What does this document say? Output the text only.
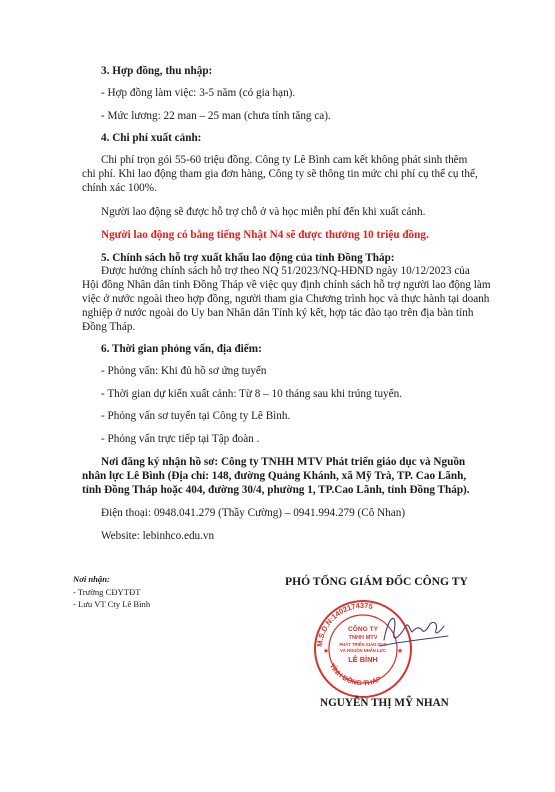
3. Hợp đồng, thu nhập:
- Hợp đồng làm việc: 3-5 năm (có gia hạn).
- Mức lương: 22 man – 25 man (chưa tính tăng ca).
4. Chi phí xuất cảnh:
Chi phí trọn gói 55-60 triệu đồng. Công ty Lê Bình cam kết không phát sinh thêm
chi phí. Khi lao động tham gia đơn hàng, Công ty sẽ thông tin mức chi phí cụ thể cụ thể,
chính xác 100%.
Người lao động sẽ được hỗ trợ chỗ ở và học miễn phí đến khi xuất cảnh.
Người lao động có bằng tiếng Nhật N4 sẽ được thưởng 10 triệu đồng.
5. Chính sách hỗ trợ xuất khẩu lao động của tỉnh Đồng Tháp:
Được hưởng chính sách hỗ trợ theo NQ 51/2023/NQ-HĐND ngày 10/12/2023 của
Hội đồng Nhân dân tỉnh Đồng Tháp về việc quy định chính sách hỗ trợ người lao động làm
việc ở nước ngoài theo hợp đồng, người tham gia Chương trình học và thực hành tại doanh
nghiệp ở nước ngoài do Uy ban Nhân dân Tỉnh ký kết, hợp tác đào tạo trên địa bàn tỉnh
Đồng Tháp.
6. Thời gian phỏng vấn, địa điểm:
- Phỏng vấn: Khi đủ hồ sơ ứng tuyển
- Thời gian dự kiến xuất cảnh: Từ 8 – 10 tháng sau khi trúng tuyển.
- Phỏng vấn sơ tuyển tại Công ty Lê Bình.
- Phỏng vấn trực tiếp tại Tập đoàn .
Nơi đăng ký nhận hồ sơ: Công ty TNHH MTV Phát triển giáo dục và Nguồn
nhân lực Lê Bình (Địa chỉ: 148, đường Quảng Khánh, xã Mỹ Trà, TP. Cao Lãnh,
tỉnh Đồng Tháp hoặc 404, đường 30/4, phường 1, TP.Cao Lãnh, tỉnh Đồng Tháp).
Điện thoại: 0948.041.279 (Thầy Cường) – 0941.994.279 (Cô Nhan)
Website: lebinhco.edu.vn
Nơi nhận:
- Trường CĐYTĐT
- Lưu VT Cty Lê Bình
PHÓ TỔNG GIÁM ĐỐC CÔNG TY
M.S.D.N:1402174375
TỈNH ĐỒNG THÁP
CÔNG TY
TNHH MTV
PHÁT TRIỂN GIÁO DỤC
VÀ NGUỒN NHÂN LỰC
LÊ BÌNH
★	★
NGUYỄN THỊ MỸ NHAN
